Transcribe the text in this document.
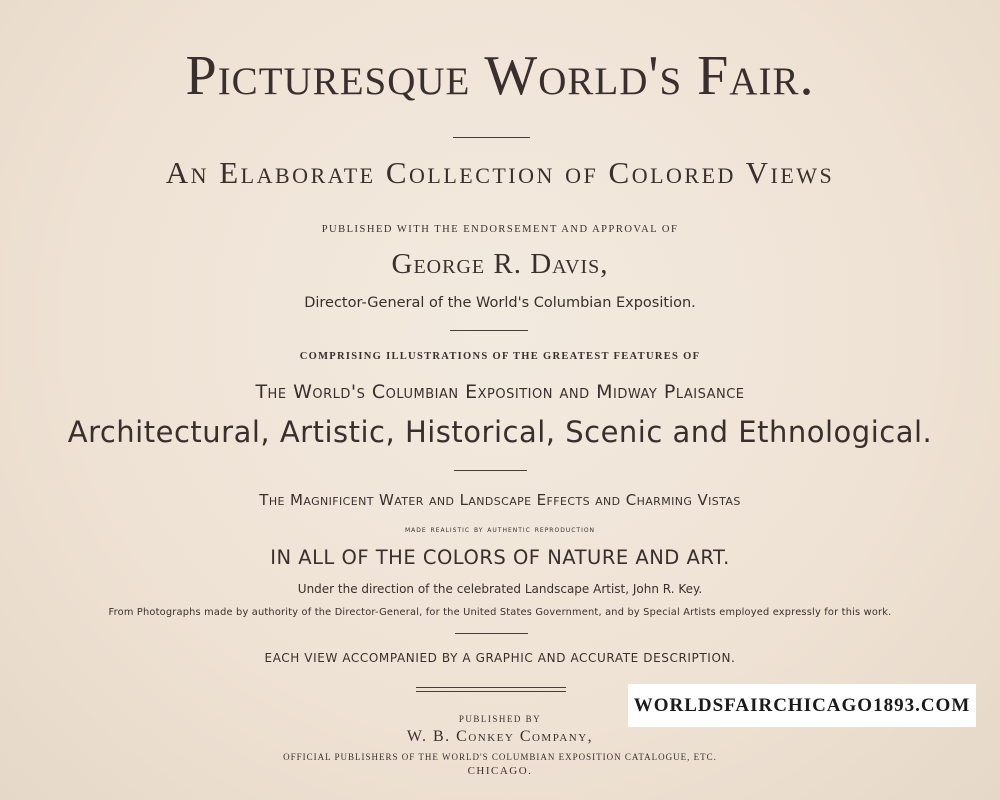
Picturesque World's Fair.
An Elaborate Collection of Colored Views
PUBLISHED WITH THE ENDORSEMENT AND APPROVAL OF
George R. Davis,
Director-General of the World's Columbian Exposition.
COMPRISING ILLUSTRATIONS OF THE GREATEST FEATURES OF
The World's Columbian Exposition and Midway Plaisance
Architectural, Artistic, Historical, Scenic and Ethnological.
The Magnificent Water and Landscape Effects and Charming Vistas
made realistic by authentic reproduction
IN ALL OF THE COLORS OF NATURE AND ART.
Under the direction of the celebrated Landscape Artist, John R. Key.
From Photographs made by authority of the Director-General, for the United States Government, and by Special Artists employed expressly for this work.
EACH VIEW ACCOMPANIED BY A GRAPHIC AND ACCURATE DESCRIPTION.
PUBLISHED BY
W. B. Conkey Company,
OFFICIAL PUBLISHERS OF THE WORLD'S COLUMBIAN EXPOSITION CATALOGUE, ETC.
CHICAGO.
WORLDSFAIRCHICAGO1893.COM
